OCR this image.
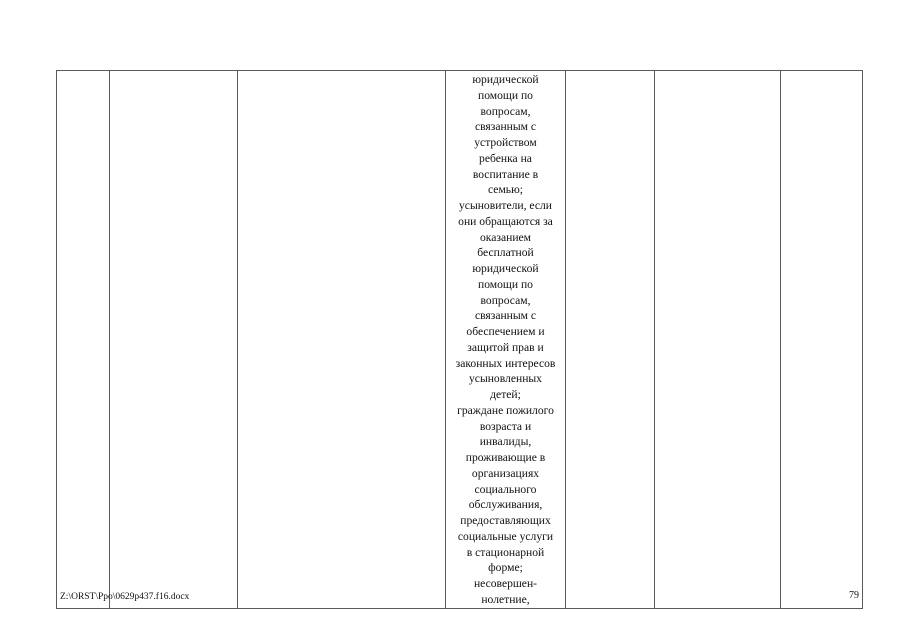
юридической
помощи по
вопросам,
связанным с
устройством
ребенка на
воспитание в
семью;
усыновители, если
они обращаются за
оказанием
бесплатной
юридической
помощи по
вопросам,
связанным с
обеспечением и
защитой прав и
законных интересов
усыновленных
детей;
граждане пожилого
возраста и
инвалиды,
проживающие в
организациях
социального
обслуживания,
предоставляющих
социальные услуги
в стационарной
форме;
несовершен-
нолетние,

Z:\ORST\Ppo\0629p437.f16.docx	79
